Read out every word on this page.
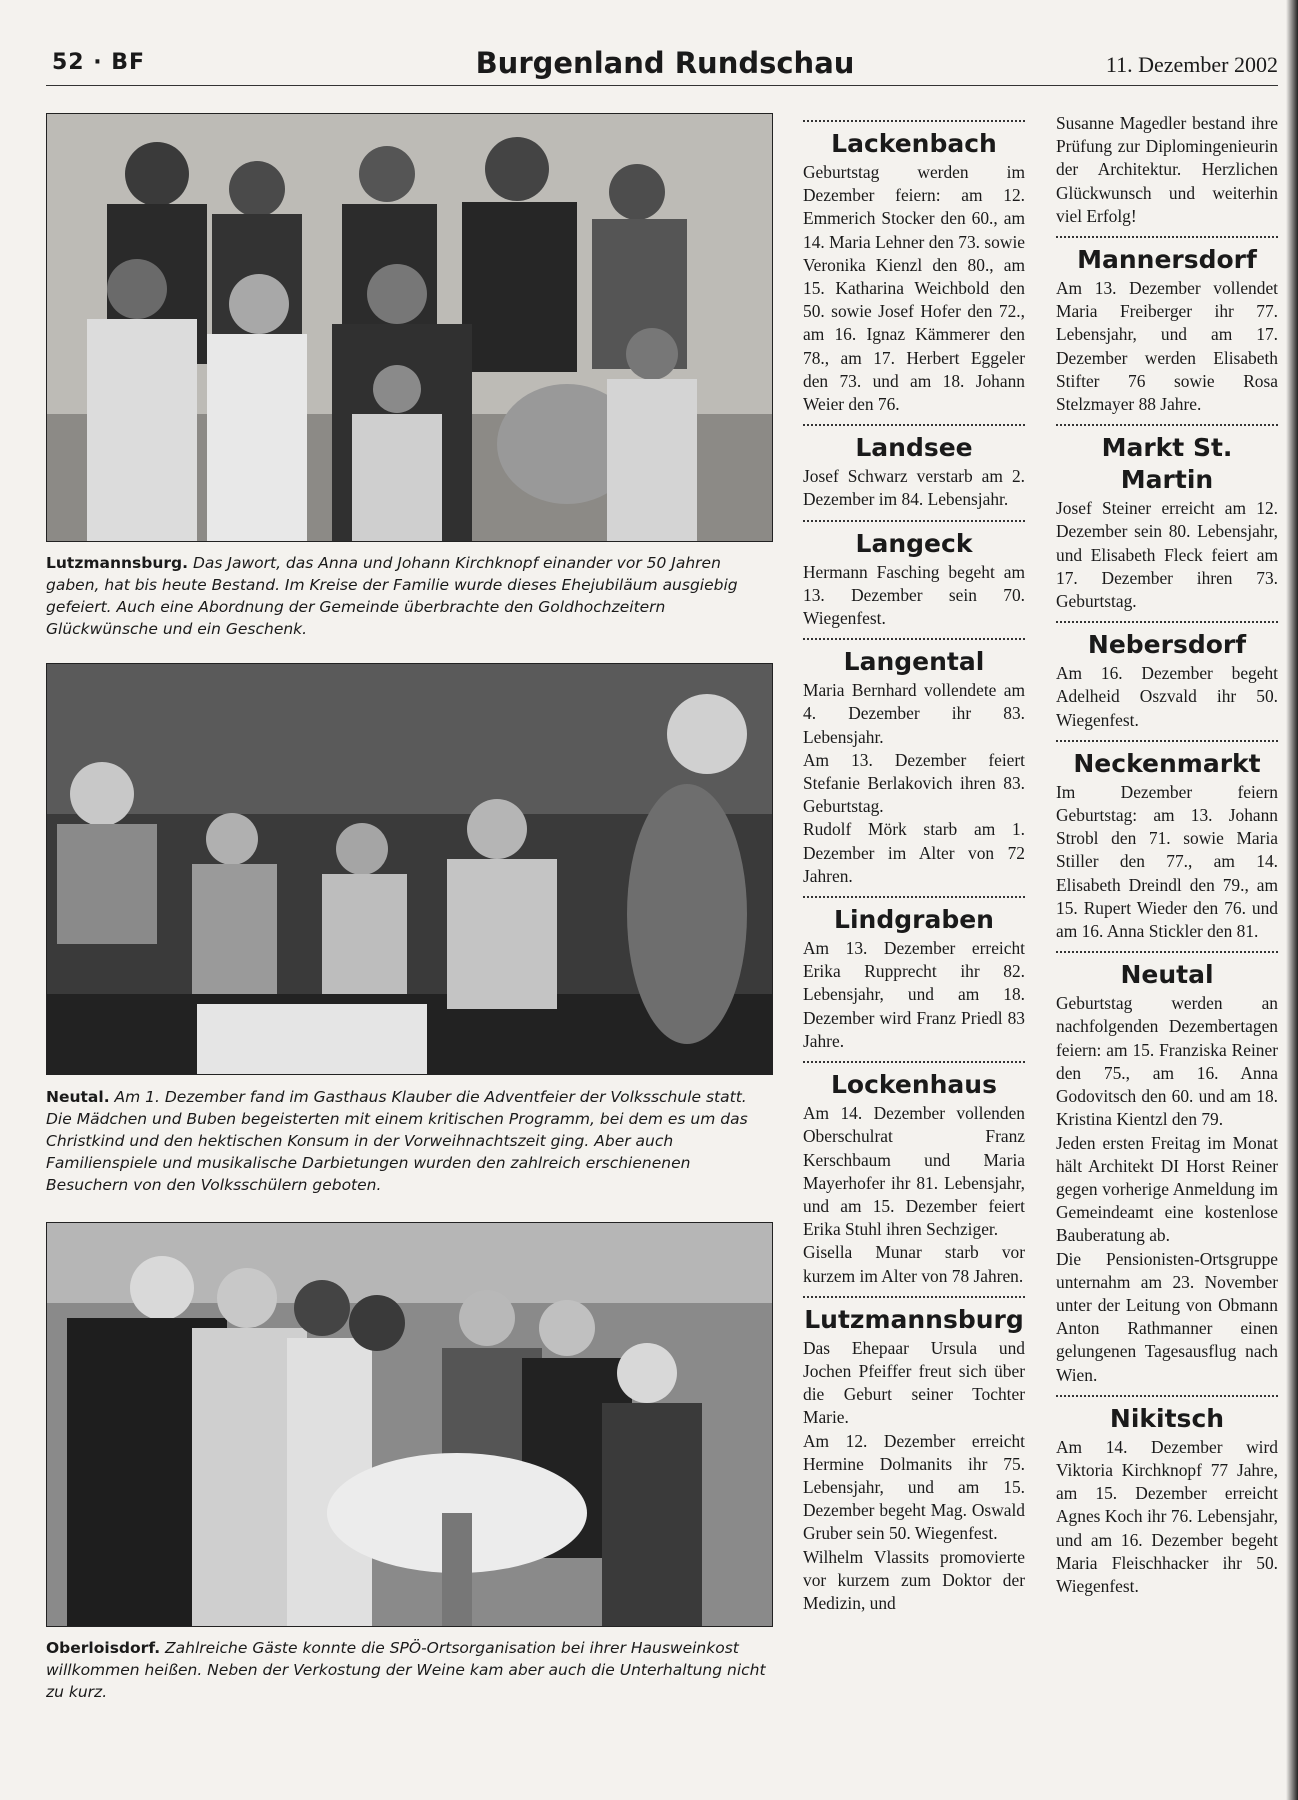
52 · BF	Burgenland Rundschau	11. Dezember 2002
Lutzmannsburg. Das Jawort, das Anna und Johann Kirchknopf einander vor 50 Jahren gaben, hat bis heute Bestand. Im Kreise der Familie wurde dieses Ehejubiläum ausgiebig gefeiert. Auch eine Abordnung der Gemeinde überbrachte den Goldhochzeitern Glückwünsche und ein Geschenk.
Neutal. Am 1. Dezember fand im Gasthaus Klauber die Adventfeier der Volksschule statt. Die Mädchen und Buben begeisterten mit einem kritischen Programm, bei dem es um das Christkind und den hektischen Konsum in der Vorweihnachtszeit ging. Aber auch Familienspiele und musikalische Darbietungen wurden den zahlreich erschienenen Besuchern von den Volksschülern geboten.
Oberloisdorf. Zahlreiche Gäste konnte die SPÖ-Ortsorganisation bei ihrer Hausweinkost willkommen heißen. Neben der Verkostung der Weine kam aber auch die Unterhaltung nicht zu kurz.
Lackenbach

Geburtstag werden im Dezember feiern: am 12. Emmerich Stocker den 60., am 14. Maria Lehner den 73. sowie Veronika Kienzl den 80., am 15. Katharina Weichbold den 50. sowie Josef Hofer den 72., am 16. Ignaz Kämmerer den 78., am 17. Herbert Eggeler den 73. und am 18. Johann Weier den 76.

Landsee

Josef Schwarz verstarb am 2. Dezember im 84. Lebensjahr.

Langeck

Hermann Fasching begeht am 13. Dezember sein 70. Wiegenfest.

Langental

Maria Bernhard vollendete am 4. Dezember ihr 83. Lebensjahr.

Am 13. Dezember feiert Stefanie Berlakovich ihren 83. Geburtstag.

Rudolf Mörk starb am 1. Dezember im Alter von 72 Jahren.

Lindgraben

Am 13. Dezember erreicht Erika Rupprecht ihr 82. Lebensjahr, und am 18. Dezember wird Franz Priedl 83 Jahre.

Lockenhaus

Am 14. Dezember vollenden Oberschulrat Franz Kerschbaum und Maria Mayerhofer ihr 81. Lebensjahr, und am 15. Dezember feiert Erika Stuhl ihren Sechziger.

Gisella Munar starb vor kurzem im Alter von 78 Jahren.

Lutzmannsburg

Das Ehepaar Ursula und Jochen Pfeiffer freut sich über die Geburt seiner Tochter Marie.

Am 12. Dezember erreicht Hermine Dolmanits ihr 75. Lebensjahr, und am 15. Dezember begeht Mag. Oswald Gruber sein 50. Wiegenfest.

Wilhelm Vlassits promovierte vor kurzem zum Doktor der Medizin, und

Susanne Magedler bestand ihre Prüfung zur Diplomingenieurin der Architektur. Herzlichen Glückwunsch und weiterhin viel Erfolg!

Mannersdorf

Am 13. Dezember vollendet Maria Freiberger ihr 77. Lebensjahr, und am 17. Dezember werden Elisabeth Stifter 76 sowie Rosa Stelzmayer 88 Jahre.

Markt St. Martin

Josef Steiner erreicht am 12. Dezember sein 80. Lebensjahr, und Elisabeth Fleck feiert am 17. Dezember ihren 73. Geburtstag.

Nebersdorf

Am 16. Dezember begeht Adelheid Oszvald ihr 50. Wiegenfest.

Neckenmarkt

Im Dezember feiern Geburtstag: am 13. Johann Strobl den 71. sowie Maria Stiller den 77., am 14. Elisabeth Dreindl den 79., am 15. Rupert Wieder den 76. und am 16. Anna Stickler den 81.

Neutal

Geburtstag werden an nachfolgenden Dezembertagen feiern: am 15. Franziska Reiner den 75., am 16. Anna Godovitsch den 60. und am 18. Kristina Kientzl den 79.

Jeden ersten Freitag im Monat hält Architekt DI Horst Reiner gegen vorherige Anmeldung im Gemeindeamt eine kostenlose Bauberatung ab.

Die Pensionisten-Ortsgruppe unternahm am 23. November unter der Leitung von Obmann Anton Rathmanner einen gelungenen Tagesausflug nach Wien.

Nikitsch

Am 14. Dezember wird Viktoria Kirchknopf 77 Jahre, am 15. Dezember erreicht Agnes Koch ihr 76. Lebensjahr, und am 16. Dezember begeht Maria Fleischhacker ihr 50. Wiegenfest.
